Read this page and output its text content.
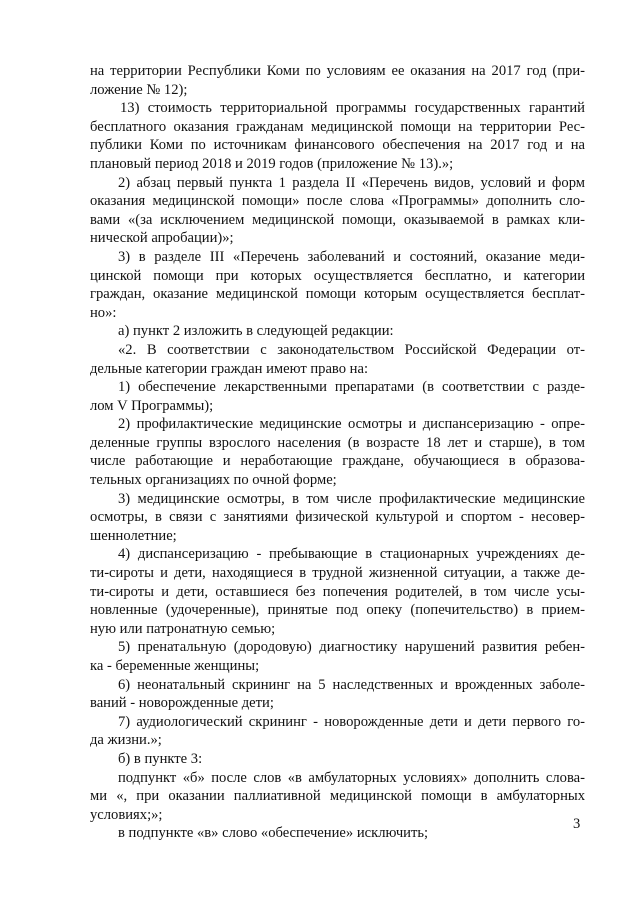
на территории Республики Коми по условиям ее оказания на 2017 год (при-
ложение № 12);
13) стоимость территориальной программы государственных гарантий
бесплатного оказания гражданам медицинской помощи на территории Рес-
публики Коми по источникам финансового обеспечения на 2017 год и на
плановый период 2018 и 2019 годов (приложение № 13).»;
2) абзац первый пункта 1 раздела II «Перечень видов, условий и форм
оказания медицинской помощи» после слова «Программы» дополнить сло-
вами «(за исключением медицинской помощи, оказываемой в рамках кли-
нической апробации)»;
3) в разделе III «Перечень заболеваний и состояний, оказание меди-
цинской помощи при которых осуществляется бесплатно, и категории
граждан, оказание медицинской помощи которым осуществляется бесплат-
но»:
а) пункт 2 изложить в следующей редакции:
«2. В соответствии с законодательством Российской Федерации от-
дельные категории граждан имеют право на:
1) обеспечение лекарственными препаратами (в соответствии с разде-
лом V Программы);
2) профилактические медицинские осмотры и диспансеризацию - опре-
деленные группы взрослого населения (в возрасте 18 лет и старше), в том
числе работающие и неработающие граждане, обучающиеся в образова-
тельных организациях по очной форме;
3) медицинские осмотры, в том числе профилактические медицинские
осмотры, в связи с занятиями физической культурой и спортом - несовер-
шеннолетние;
4) диспансеризацию - пребывающие в стационарных учреждениях де-
ти-сироты и дети, находящиеся в трудной жизненной ситуации, а также де-
ти-сироты и дети, оставшиеся без попечения родителей, в том числе усы-
новленные (удочеренные), принятые под опеку (попечительство) в прием-
ную или патронатную семью;
5) пренатальную (дородовую) диагностику нарушений развития ребен-
ка - беременные женщины;
6) неонатальный скрининг на 5 наследственных и врожденных заболе-
ваний - новорожденные дети;
7) аудиологический скрининг - новорожденные дети и дети первого го-
да жизни.»;
б) в пункте 3:
подпункт «б» после слов «в амбулаторных условиях» дополнить слова-
ми «, при оказании паллиативной медицинской помощи в амбулаторных
условиях;»;
в подпункте «в» слово «обеспечение» исключить;
3
